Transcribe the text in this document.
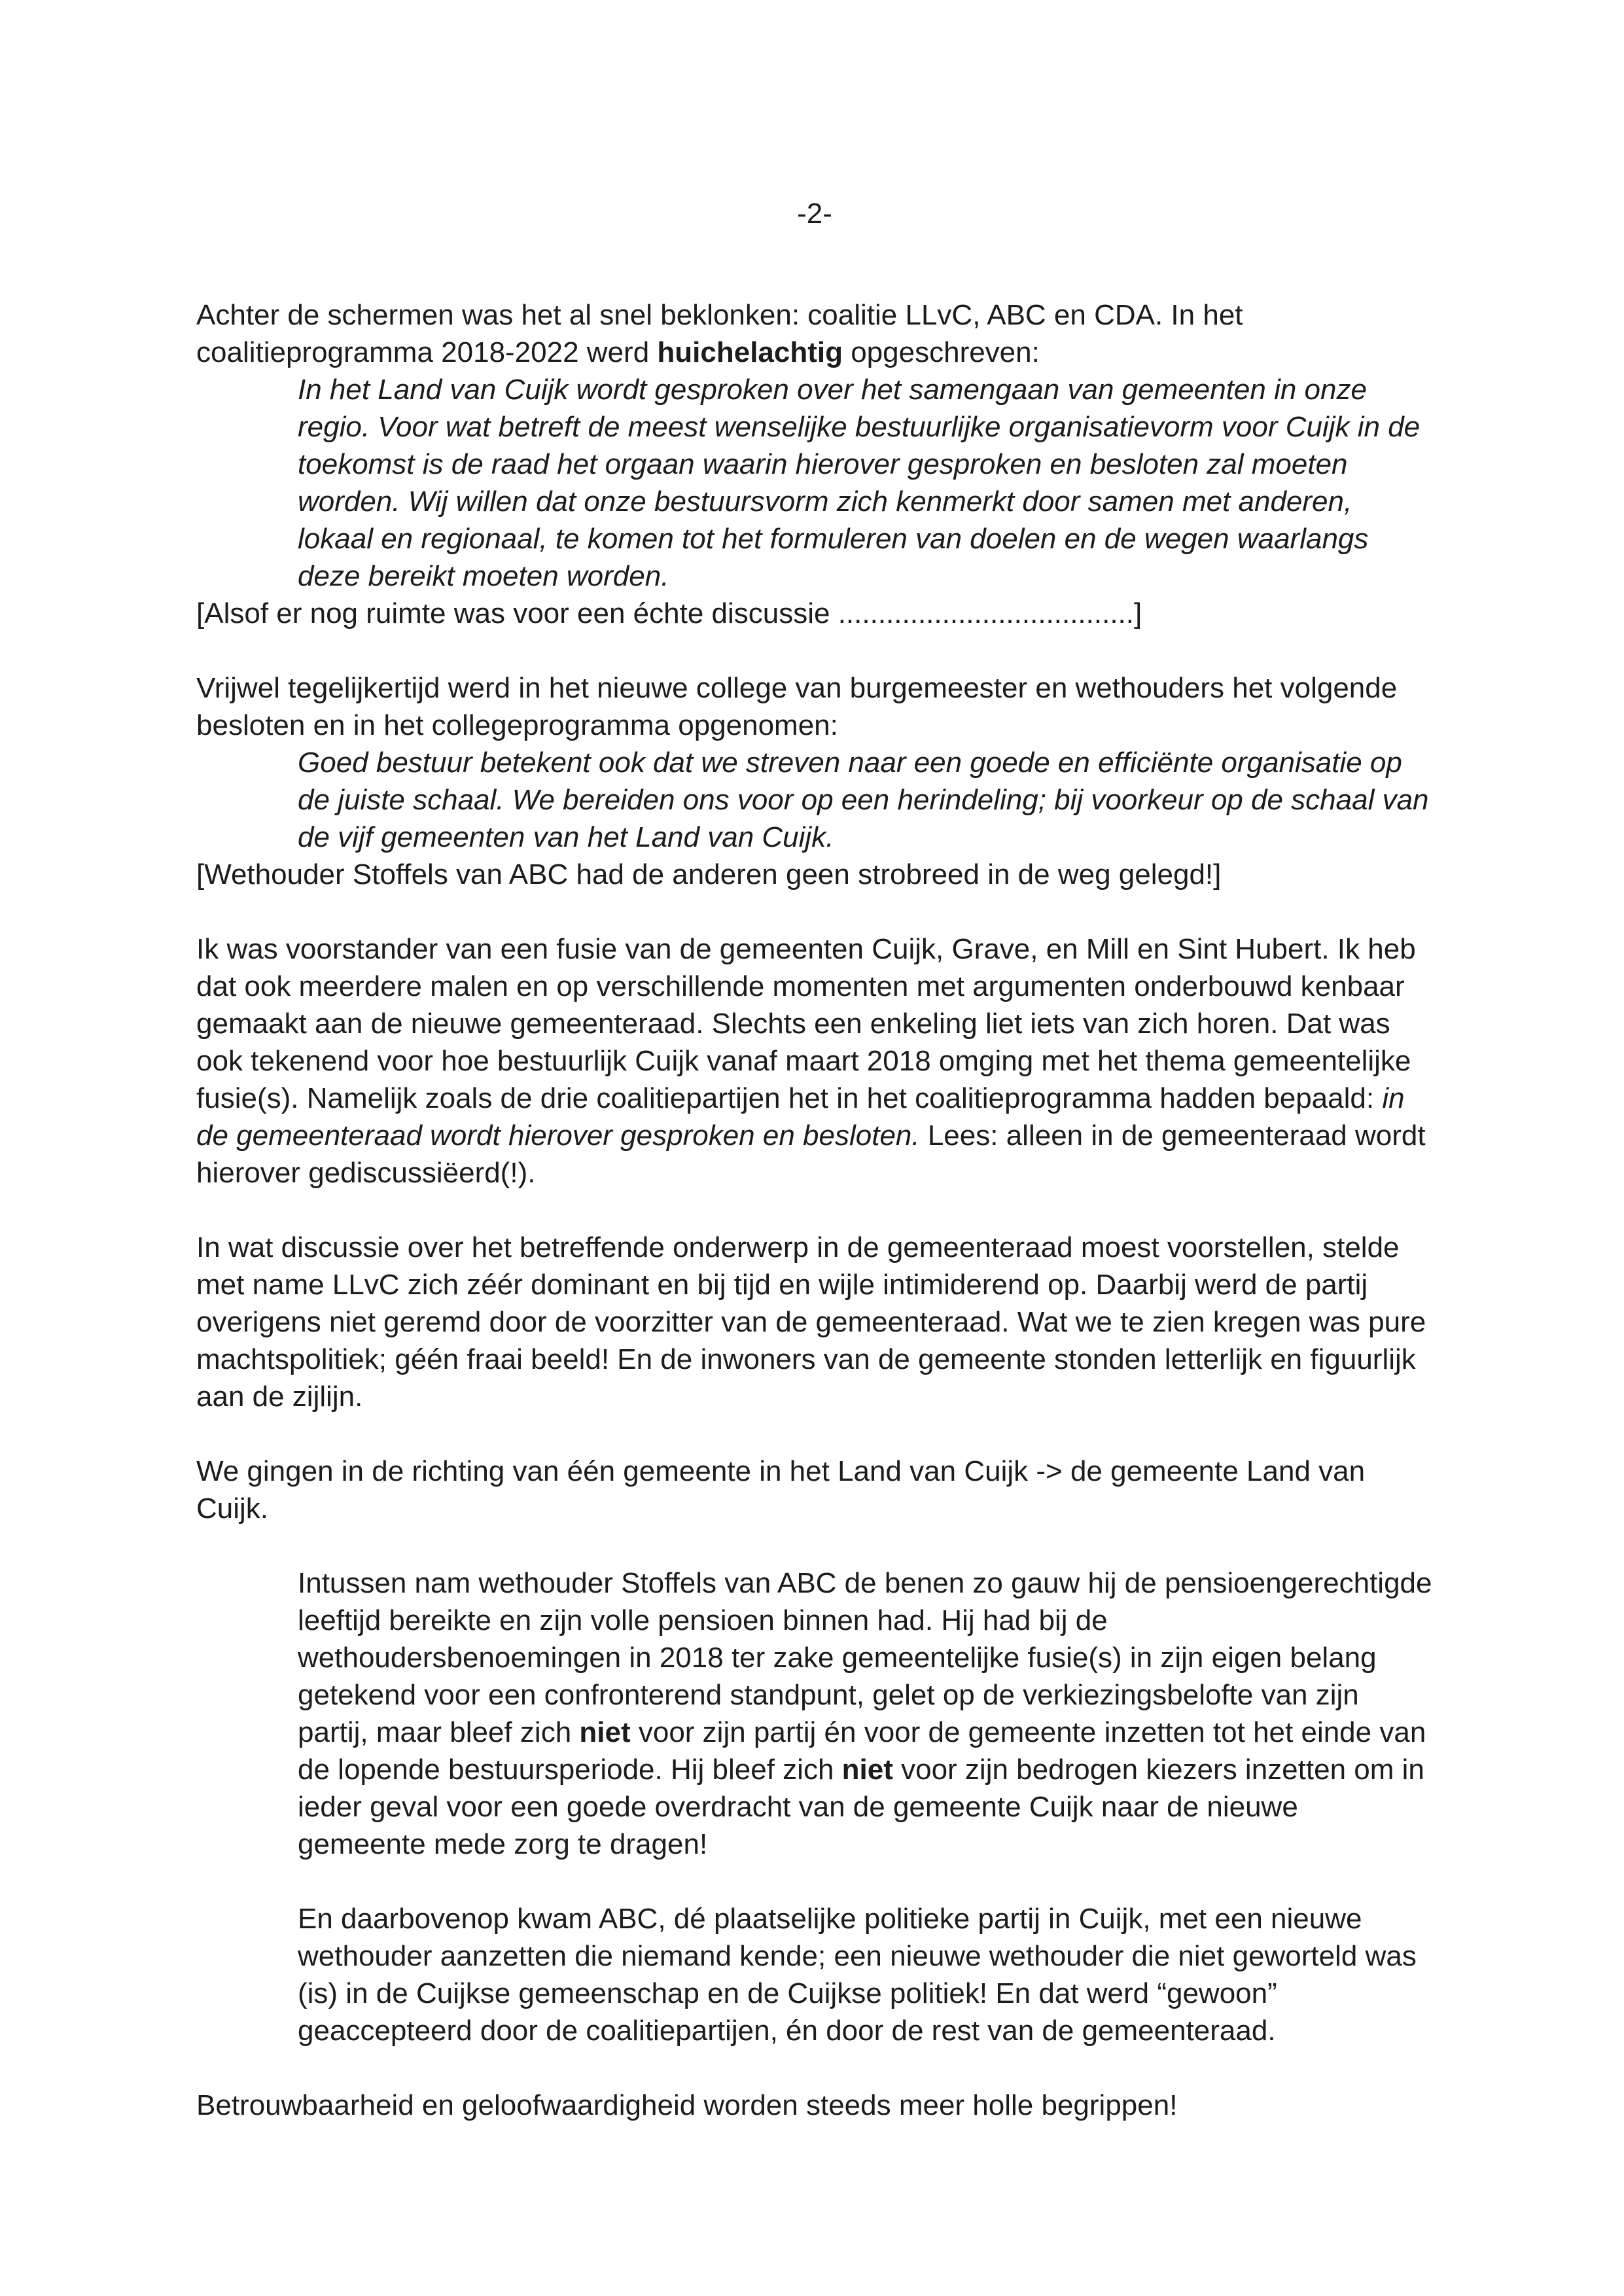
-2-

Achter de schermen was het al snel beklonken: coalitie LLvC, ABC en CDA. In het coalitieprogramma 2018-2022 werd huichelachtig opgeschreven:

In het Land van Cuijk wordt gesproken over het samengaan van gemeenten in onze regio. Voor wat betreft de meest wenselijke bestuurlijke organisatievorm voor Cuijk in de toekomst is de raad het orgaan waarin hierover gesproken en besloten zal moeten worden. Wij willen dat onze bestuursvorm zich kenmerkt door samen met anderen, lokaal en regionaal, te komen tot het formuleren van doelen en de wegen waarlangs deze bereikt moeten worden.

[Alsof er nog ruimte was voor een échte discussie .....................................]

Vrijwel tegelijkertijd werd in het nieuwe college van burgemeester en wethouders het volgende besloten en in het collegeprogramma opgenomen:

Goed bestuur betekent ook dat we streven naar een goede en efficiënte organisatie op de juiste schaal. We bereiden ons voor op een herindeling; bij voorkeur op de schaal van de vijf gemeenten van het Land van Cuijk.

[Wethouder Stoffels van ABC had de anderen geen strobreed in de weg gelegd!]

Ik was voorstander van een fusie van de gemeenten Cuijk, Grave, en Mill en Sint Hubert. Ik heb dat ook meerdere malen en op verschillende momenten met argumenten onderbouwd kenbaar gemaakt aan de nieuwe gemeenteraad. Slechts een enkeling liet iets van zich horen. Dat was ook tekenend voor hoe bestuurlijk Cuijk vanaf maart 2018 omging met het thema gemeentelijke fusie(s). Namelijk zoals de drie coalitiepartijen het in het coalitieprogramma hadden bepaald: in de gemeenteraad wordt hierover gesproken en besloten. Lees: alleen in de gemeenteraad wordt hierover gediscussiëerd(!).

In wat discussie over het betreffende onderwerp in de gemeenteraad moest voorstellen, stelde met name LLvC zich zéér dominant en bij tijd en wijle intimiderend op. Daarbij werd de partij overigens niet geremd door de voorzitter van de gemeenteraad. Wat we te zien kregen was pure machtspolitiek; géén fraai beeld! En de inwoners van de gemeente stonden letterlijk en figuurlijk aan de zijlijn.

We gingen in de richting van één gemeente in het Land van Cuijk -> de gemeente Land van Cuijk.

Intussen nam wethouder Stoffels van ABC de benen zo gauw hij de pensioengerechtigde leeftijd bereikte en zijn volle pensioen binnen had. Hij had bij de wethoudersbenoemingen in 2018 ter zake gemeentelijke fusie(s) in zijn eigen belang getekend voor een confronterend standpunt, gelet op de verkiezingsbelofte van zijn partij, maar bleef zich niet voor zijn partij én voor de gemeente inzetten tot het einde van de lopende bestuursperiode. Hij bleef zich niet voor zijn bedrogen kiezers inzetten om in ieder geval voor een goede overdracht van de gemeente Cuijk naar de nieuwe gemeente mede zorg te dragen!

En daarbovenop kwam ABC, dé plaatselijke politieke partij in Cuijk, met een nieuwe wethouder aanzetten die niemand kende; een nieuwe wethouder die niet geworteld was (is) in de Cuijkse gemeenschap en de Cuijkse politiek! En dat werd “gewoon” geaccepteerd door de coalitiepartijen, én door de rest van de gemeenteraad.

Betrouwbaarheid en geloofwaardigheid worden steeds meer holle begrippen!
